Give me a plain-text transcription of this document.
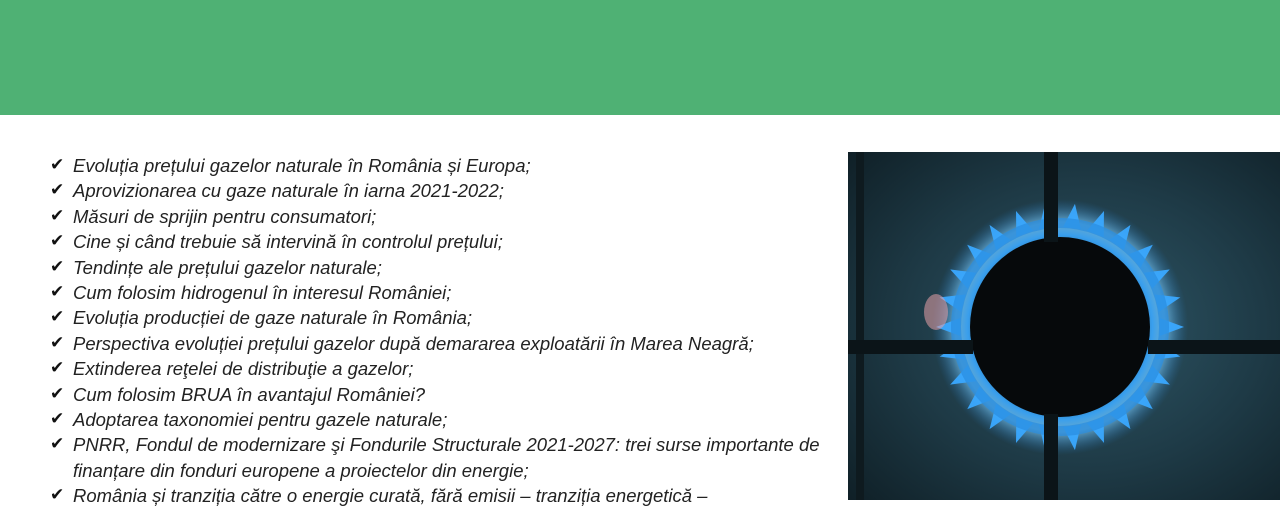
✔ Evoluția prețului gazelor naturale în România și Europa;
✔ Aprovizionarea cu gaze naturale în iarna 2021-2022;
✔ Măsuri de sprijin pentru consumatori;
✔ Cine și când trebuie să intervină în controlul prețului;
✔ Tendințe ale prețului gazelor naturale;
✔ Cum folosim hidrogenul în interesul României;
✔ Evoluția producției de gaze naturale în România;
✔ Perspectiva evoluției prețului gazelor după demararea exploatării în Marea Neagră;
✔ Extinderea reţelei de distribuţie a gazelor;
✔ Cum folosim BRUA în avantajul României?
✔ Adoptarea taxonomiei pentru gazele naturale;
✔ PNRR, Fondul de modernizare şi Fondurile Structurale 2021-2027: trei surse importante de finanțare din fonduri europene a proiectelor din energie;
✔ România și tranziția către o energie curată, fără emisii – tranziția energetică –
